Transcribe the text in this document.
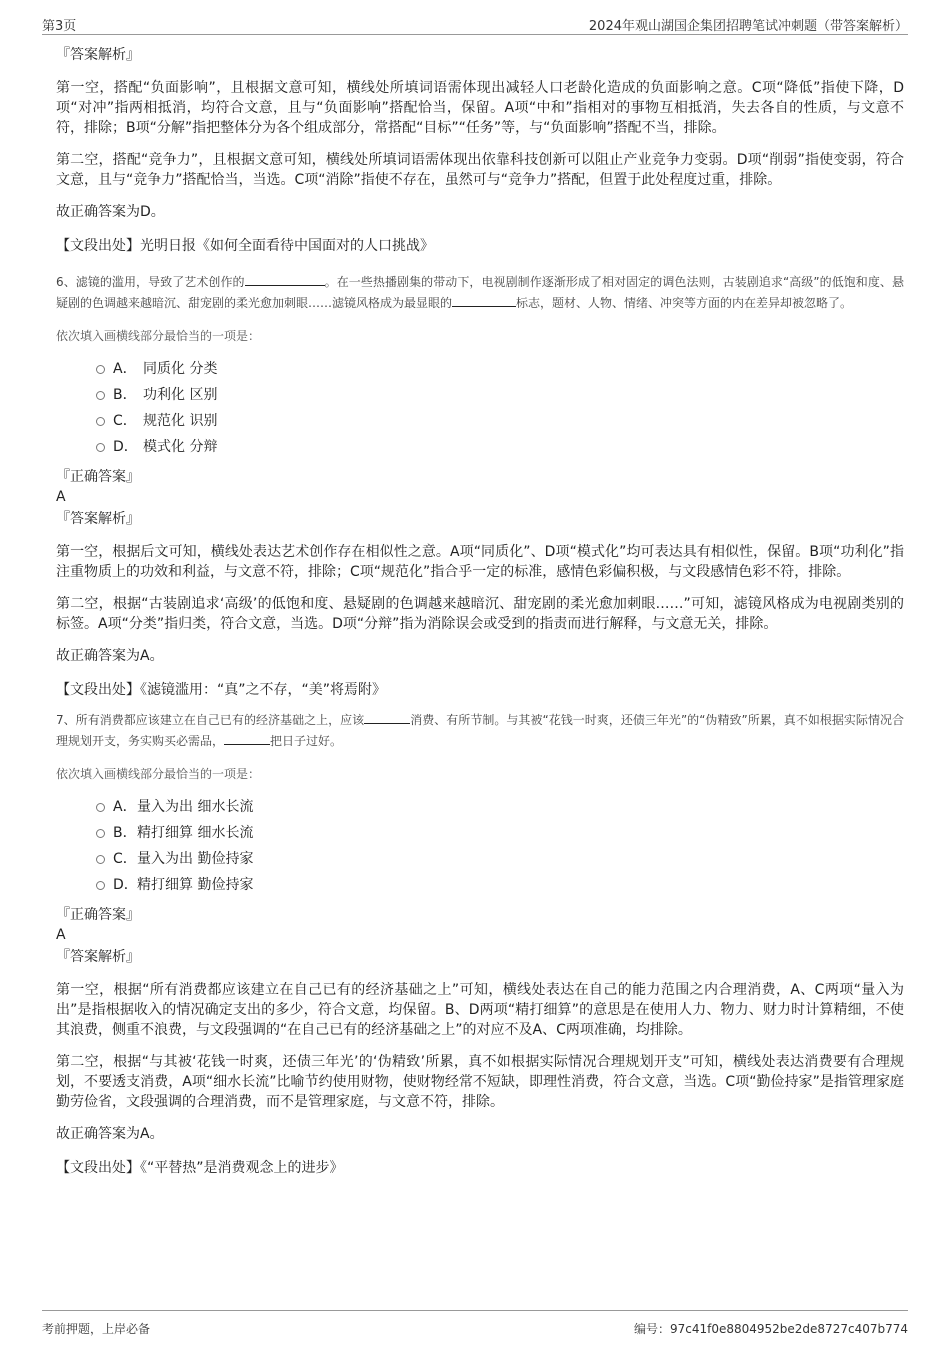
第3页	2024年观山湖国企集团招聘笔试冲刺题（带答案解析）

『答案解析』

第一空，搭配“负面影响”，且根据文意可知，横线处所填词语需体现出减轻人口老龄化造成的负面影响之意。C项“降低”指使下降，D项“对冲”指两相抵消，均符合文意，且与“负面影响”搭配恰当，保留。A项“中和”指相对的事物互相抵消，失去各自的性质，与文意不符，排除；B项“分解”指把整体分为各个组成部分，常搭配“目标”“任务”等，与“负面影响”搭配不当，排除。

第二空，搭配“竞争力”，且根据文意可知，横线处所填词语需体现出依靠科技创新可以阻止产业竞争力变弱。D项“削弱”指使变弱，符合文意，且与“竞争力”搭配恰当，当选。C项“消除”指使不存在，虽然可与“竞争力”搭配，但置于此处程度过重，排除。

故正确答案为D。

【文段出处】光明日报《如何全面看待中国面对的人口挑战》

6、滤镜的滥用，导致了艺术创作的	。在一些热播剧集的带动下，电视剧制作逐渐形成了相对固定的调色法则，古装剧追求“高级”的低饱和度、悬疑剧的色调越来越暗沉、甜宠剧的柔光愈加刺眼……滤镜风格成为最显眼的	标志，题材、人物、情绪、冲突等方面的内在差异却被忽略了。

依次填入画横线部分最恰当的一项是：

A． 同质化 分类
B． 功利化 区别
C． 规范化 识别
D． 模式化 分辩

『正确答案』

A

『答案解析』

第一空，根据后文可知，横线处表达艺术创作存在相似性之意。A项“同质化”、D项“模式化”均可表达具有相似性，保留。B项“功利化”指注重物质上的功效和利益，与文意不符，排除；C项“规范化”指合乎一定的标准，感情色彩偏积极，与文段感情色彩不符，排除。

第二空，根据“古装剧追求‘高级’的低饱和度、悬疑剧的色调越来越暗沉、甜宠剧的柔光愈加刺眼……”可知，滤镜风格成为电视剧类别的标签。A项“分类”指归类，符合文意，当选。D项“分辩”指为消除误会或受到的指责而进行解释，与文意无关，排除。

故正确答案为A。

【文段出处】《滤镜滥用：“真”之不存，“美”将焉附》

7、所有消费都应该建立在自己已有的经济基础之上，应该	消费、有所节制。与其被“花钱一时爽，还债三年光”的“伪精致”所累，真不如根据实际情况合理规划开支，务实购买必需品，	把日子过好。

依次填入画横线部分最恰当的一项是：

A． 量入为出 细水长流
B． 精打细算 细水长流
C． 量入为出 勤俭持家
D． 精打细算 勤俭持家

『正确答案』

A

『答案解析』

第一空，根据“所有消费都应该建立在自己已有的经济基础之上”可知，横线处表达在自己的能力范围之内合理消费，A、C两项“量入为出”是指根据收入的情况确定支出的多少，符合文意，均保留。B、D两项“精打细算”的意思是在使用人力、物力、财力时计算精细，不使其浪费，侧重不浪费，与文段强调的“在自己已有的经济基础之上”的对应不及A、C两项准确，均排除。

第二空，根据“与其被‘花钱一时爽，还债三年光’的‘伪精致’所累，真不如根据实际情况合理规划开支”可知，横线处表达消费要有合理规划，不要透支消费，A项“细水长流”比喻节约使用财物，使财物经常不短缺，即理性消费，符合文意，当选。C项“勤俭持家”是指管理家庭勤劳俭省，文段强调的合理消费，而不是管理家庭，与文意不符，排除。

故正确答案为A。

【文段出处】《“平替热”是消费观念上的进步》

考前押题，上岸必备	编号：97c41f0e8804952be2de8727c407b774
